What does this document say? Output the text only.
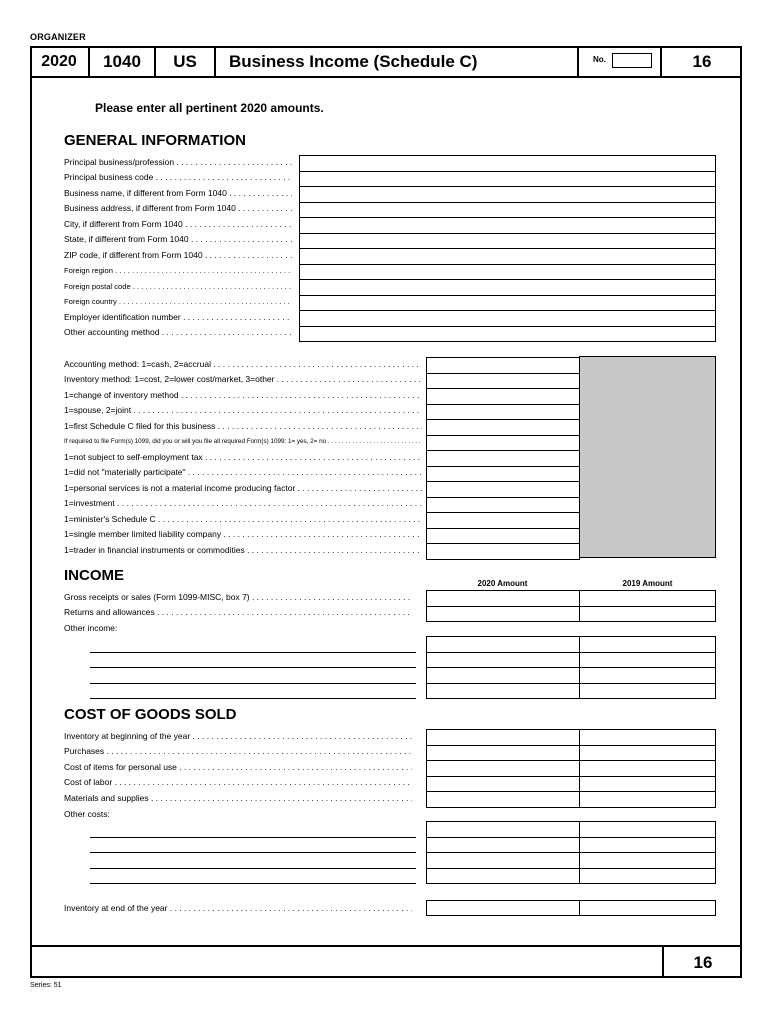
ORGANIZER
2020	1040	US	Business Income (Schedule C)	No.	16
Please enter all pertinent 2020 amounts.
GENERAL INFORMATION
Principal business/profession . . .
Principal business code . . .
Business name, if different from Form 1040 . . .
Business address, if different from Form 1040 . . .
City, if different from Form 1040 . . .
State, if different from Form 1040 . . .
ZIP code, if different from Form 1040 . . .
Foreign region . . .
Foreign postal code . . .
Foreign country . . .
Employer identification number . . .
Other accounting method . . .
Accounting method: 1=cash, 2=accrual . . .
Inventory method: 1=cost, 2=lower cost/market, 3=other . . .
1=change of inventory method . . .
1=spouse, 2=joint . . .
1=first Schedule C filed for this business . . .
If required to file Form(s) 1099, did you or will you file all required Form(s) 1099: 1= yes, 2= no . . .
1=not subject to self-employment tax . . .
1=did not "materially participate" . . .
1=personal services is not a material income producing factor . . .
1=investment . . .
1=minister's Schedule C . . .
1=single member limited liability company . . .
1=trader in financial instruments or commodities . . .
INCOME	2020 Amount	2019 Amount
Gross receipts or sales (Form 1099-MISC, box 7) . . .
Returns and allowances . . .
Other income:
COST OF GOODS SOLD
Inventory at beginning of the year . . .
Purchases . . .
Cost of items for personal use . . .
Cost of labor . . .
Materials and supplies . . .
Other costs:
Inventory at end of the year . . .
16
Series: 51
